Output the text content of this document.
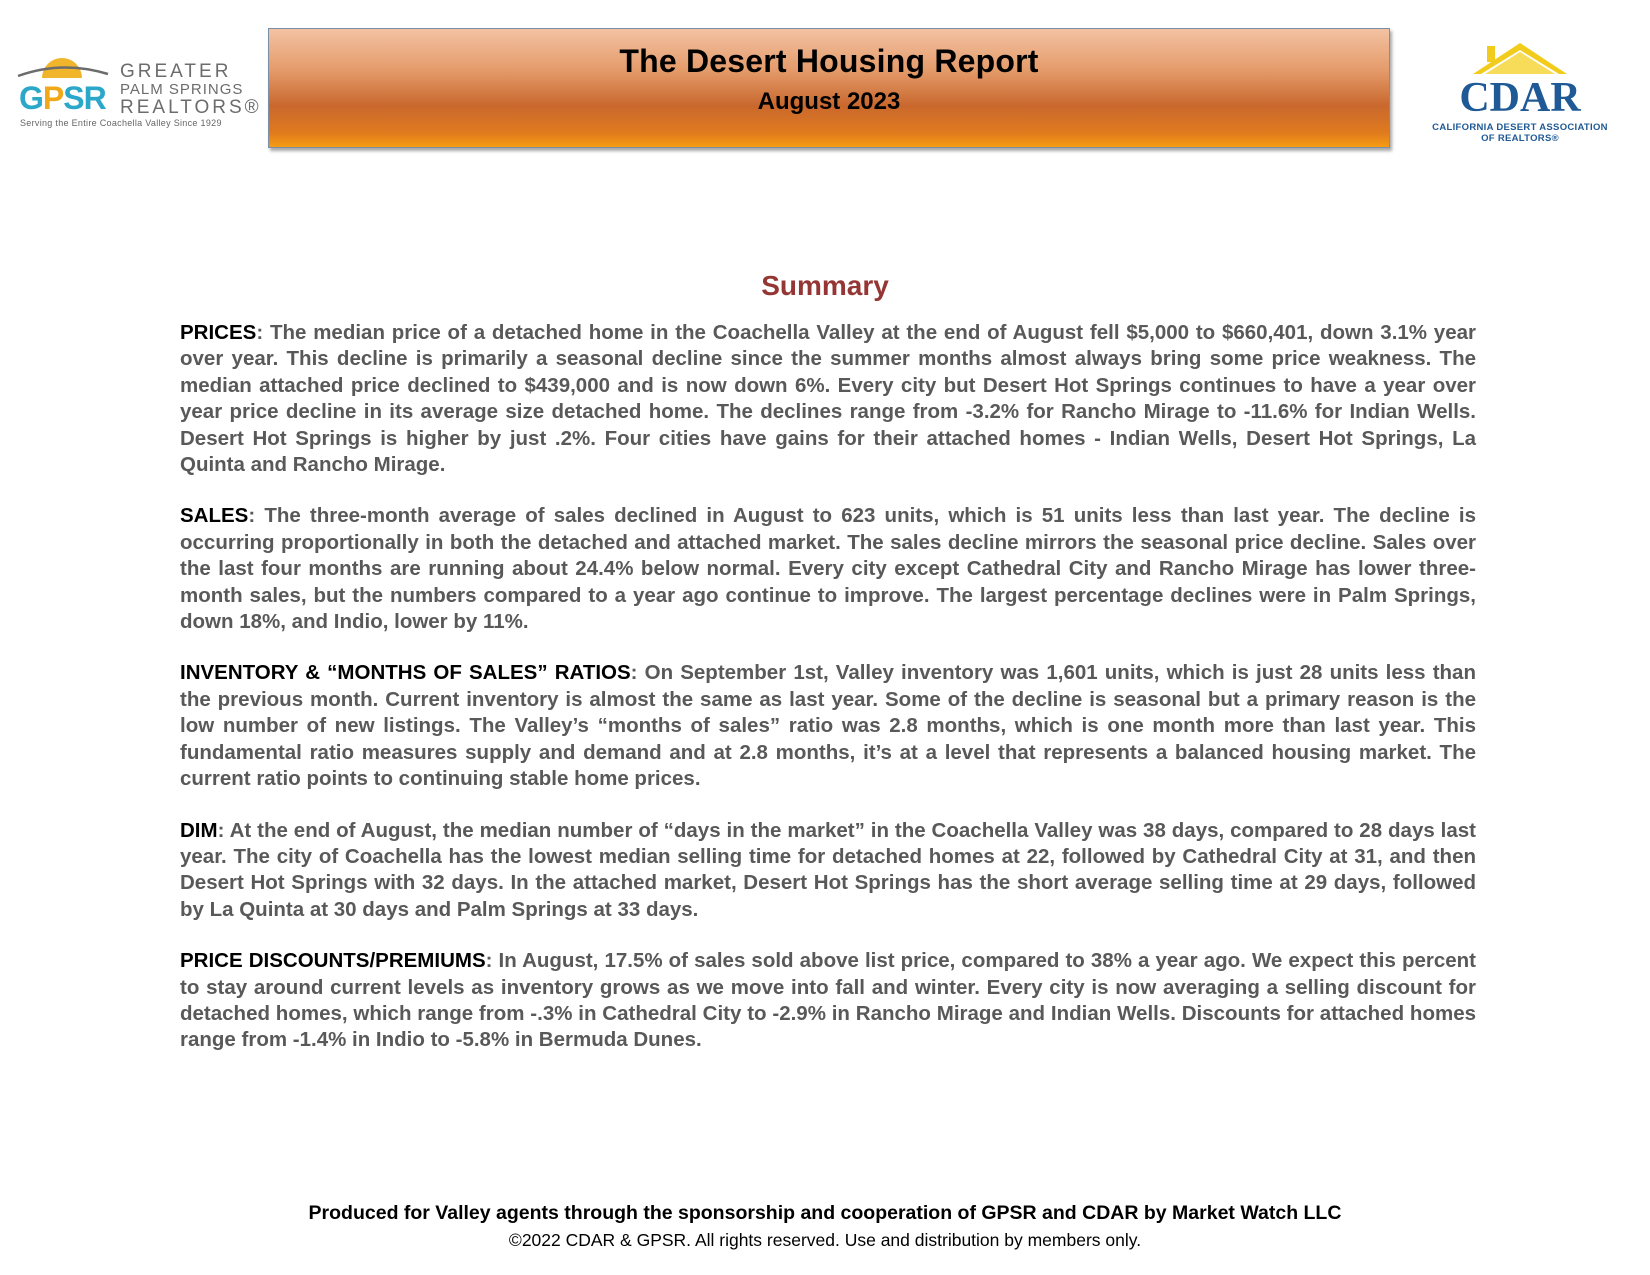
GPSR
GREATER
PALM SPRINGS
REALTORS®
Serving the Entire Coachella Valley Since 1929
The Desert Housing Report
August 2023	CDAR
CALIFORNIA DESERT ASSOCIATION
OF REALTORS®
Summary

PRICES: The median price of a detached home in the Coachella Valley at the end of August fell $5,000 to $660,401, down 3.1% year over year. This decline is primarily a seasonal decline since the summer months almost always bring some price weakness. The median attached price declined to $439,000 and is now down 6%. Every city but Desert Hot Springs continues to have a year over year price decline in its average size detached home. The declines range from -3.2% for Rancho Mirage to -11.6% for Indian Wells. Desert Hot Springs is higher by just .2%. Four cities have gains for their attached homes - Indian Wells, Desert Hot Springs, La Quinta and Rancho Mirage.

SALES: The three-month average of sales declined in August to 623 units, which is 51 units less than last year. The decline is occurring proportionally in both the detached and attached market. The sales decline mirrors the seasonal price decline. Sales over the last four months are running about 24.4% below normal. Every city except Cathedral City and Rancho Mirage has lower three-month sales, but the numbers compared to a year ago continue to improve. The largest percentage declines were in Palm Springs, down 18%, and Indio, lower by 11%.

INVENTORY & “MONTHS OF SALES” RATIOS: On September 1st, Valley inventory was 1,601 units, which is just 28 units less than the previous month. Current inventory is almost the same as last year. Some of the decline is seasonal but a primary reason is the low number of new listings. The Valley’s “months of sales” ratio was 2.8 months, which is one month more than last year. This fundamental ratio measures supply and demand and at 2.8 months, it’s at a level that represents a balanced housing market. The current ratio points to continuing stable home prices.

DIM: At the end of August, the median number of “days in the market” in the Coachella Valley was 38 days, compared to 28 days last year. The city of Coachella has the lowest median selling time for detached homes at 22, followed by Cathedral City at 31, and then Desert Hot Springs with 32 days. In the attached market, Desert Hot Springs has the short average selling time at 29 days, followed by La Quinta at 30 days and Palm Springs at 33 days.

PRICE DISCOUNTS/PREMIUMS: In August, 17.5% of sales sold above list price, compared to 38% a year ago. We expect this percent to stay around current levels as inventory grows as we move into fall and winter. Every city is now averaging a selling discount for detached homes, which range from -.3% in Cathedral City to -2.9% in Rancho Mirage and Indian Wells. Discounts for attached homes range from -1.4% in Indio to -5.8% in Bermuda Dunes.

Produced for Valley agents through the sponsorship and cooperation of GPSR and CDAR by Market Watch LLC
©2022 CDAR & GPSR. All rights reserved. Use and distribution by members only.
